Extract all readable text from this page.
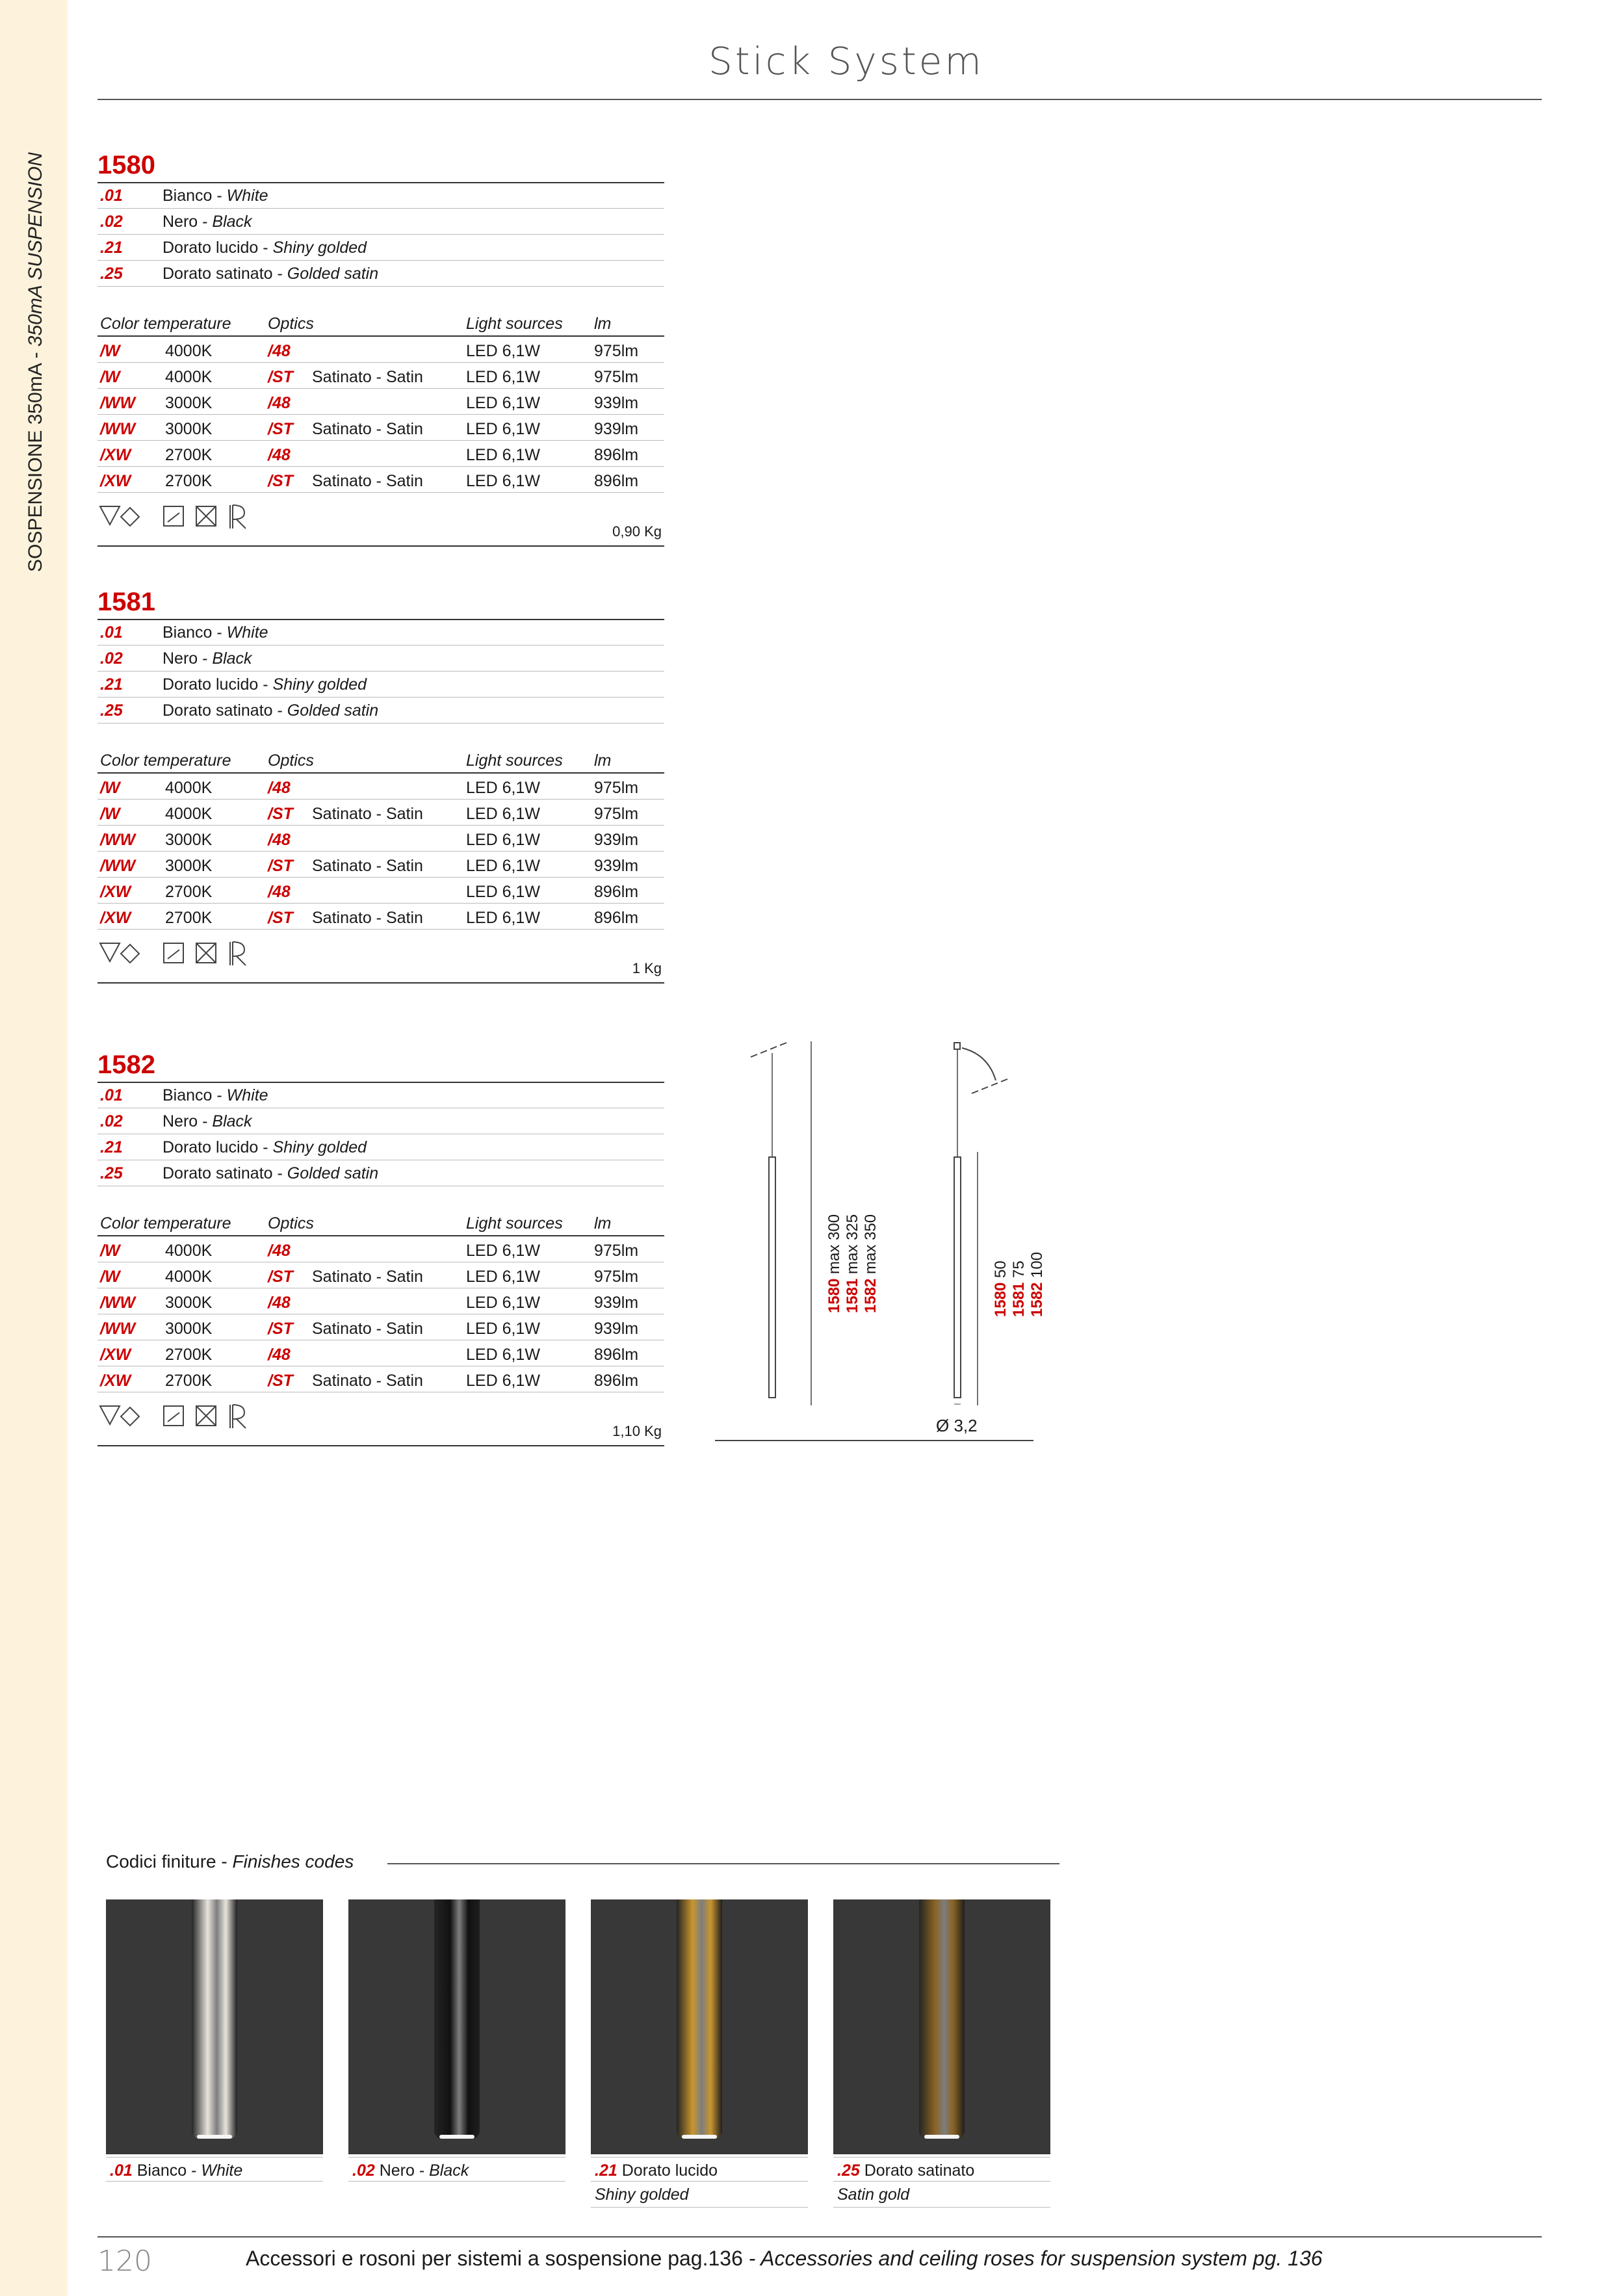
SOSPENSIONE 350mA - 350mA SUSPENSION
Stick System
1580
.01 Bianco - White
.02 Nero - Black
.21 Dorato lucido - Shiny golded
.25 Dorato satinato - Golded satin
Color temperature Optics	Light sources lm
/W	4000K	/48	LED 6,1W	975lm
/W	4000K	/ST Satinato - Satin	LED 6,1W	975lm
/WW 3000K	/48	LED 6,1W	939lm
/WW 3000K	/ST Satinato - Satin	LED 6,1W	939lm
/XW 2700K	/48	LED 6,1W	896lm
/XW 2700K	/ST Satinato - Satin	LED 6,1W	896lm
0,90 Kg
1581
.01 Bianco - White
.02 Nero - Black
.21 Dorato lucido - Shiny golded
.25 Dorato satinato - Golded satin
Color temperature Optics	Light sources lm
/W	4000K	/48	LED 6,1W	975lm
/W	4000K	/ST Satinato - Satin	LED 6,1W	975lm
/WW 3000K	/48	LED 6,1W	939lm
/WW 3000K	/ST Satinato - Satin	LED 6,1W	939lm
/XW 2700K	/48	LED 6,1W	896lm
/XW 2700K	/ST Satinato - Satin	LED 6,1W	896lm
1 Kg
1582
.01 Bianco - White
.02 Nero - Black
.21 Dorato lucido - Shiny golded
.25 Dorato satinato - Golded satin
Color temperature Optics	Light sources lm
/W	4000K	/48	LED 6,1W	975lm
/W	4000K	/ST Satinato - Satin	LED 6,1W	975lm
/WW 3000K	/48	LED 6,1W	939lm
/WW 3000K	/ST Satinato - Satin	LED 6,1W	939lm
/XW 2700K	/48	LED 6,1W	896lm
/XW 2700K	/ST Satinato - Satin	LED 6,1W	896lm
1,10 Kg
1580 max 300
1581 max 325
1582 max 350
1580 50
1581 75
1582 100
Ø 3,2
Codici finiture - Finishes codes
.01 Bianco - White	.02 Nero - Black	.21 Dorato lucido
Shiny golded
.25 Dorato satinato
Satin gold
120	Accessori e rosoni per sistemi a sospensione pag.136 - Accessories and ceiling roses for suspension system pg. 136
